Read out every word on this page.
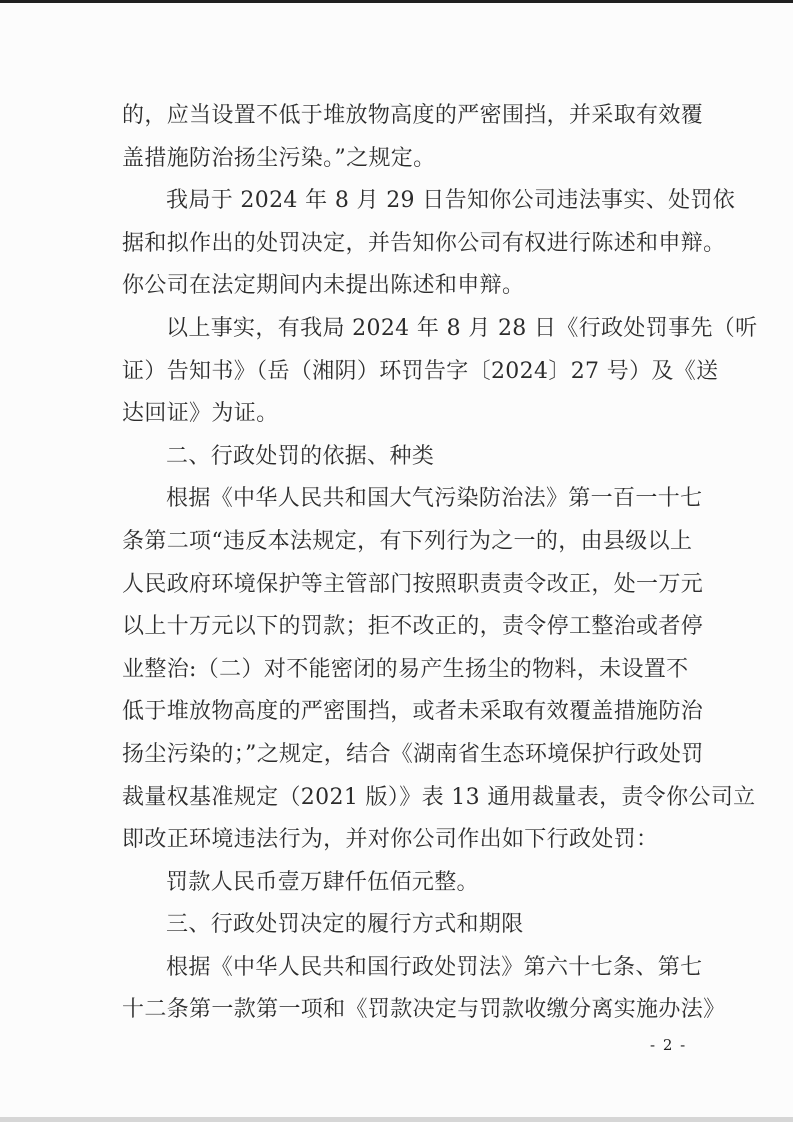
的，应当设置不低于堆放物高度的严密围挡，并采取有效覆
盖措施防治扬尘污染。”之规定。
我局于 2024 年 8 月 29 日告知你公司违法事实、处罚依
据和拟作出的处罚决定，并告知你公司有权进行陈述和申辩。
你公司在法定期间内未提出陈述和申辩。
以上事实，有我局 2024 年 8 月 28 日《行政处罚事先（听
证）告知书》（岳（湘阴）环罚告字〔2024〕27 号）及《送
达回证》为证。
二、行政处罚的依据、种类
根据《中华人民共和国大气污染防治法》第一百一十七
条第二项“违反本法规定，有下列行为之一的，由县级以上
人民政府环境保护等主管部门按照职责责令改正，处一万元
以上十万元以下的罚款；拒不改正的，责令停工整治或者停
业整治:（二）对不能密闭的易产生扬尘的物料，未设置不
低于堆放物高度的严密围挡，或者未采取有效覆盖措施防治
扬尘污染的；”之规定，结合《湖南省生态环境保护行政处罚
裁量权基准规定（2021 版）》表 13 通用裁量表，责令你公司立
即改正环境违法行为，并对你公司作出如下行政处罚：
罚款人民币壹万肆仟伍佰元整。
三、行政处罚决定的履行方式和期限
根据《中华人民共和国行政处罚法》第六十七条、第七
十二条第一款第一项和《罚款决定与罚款收缴分离实施办法》
- 2 -
